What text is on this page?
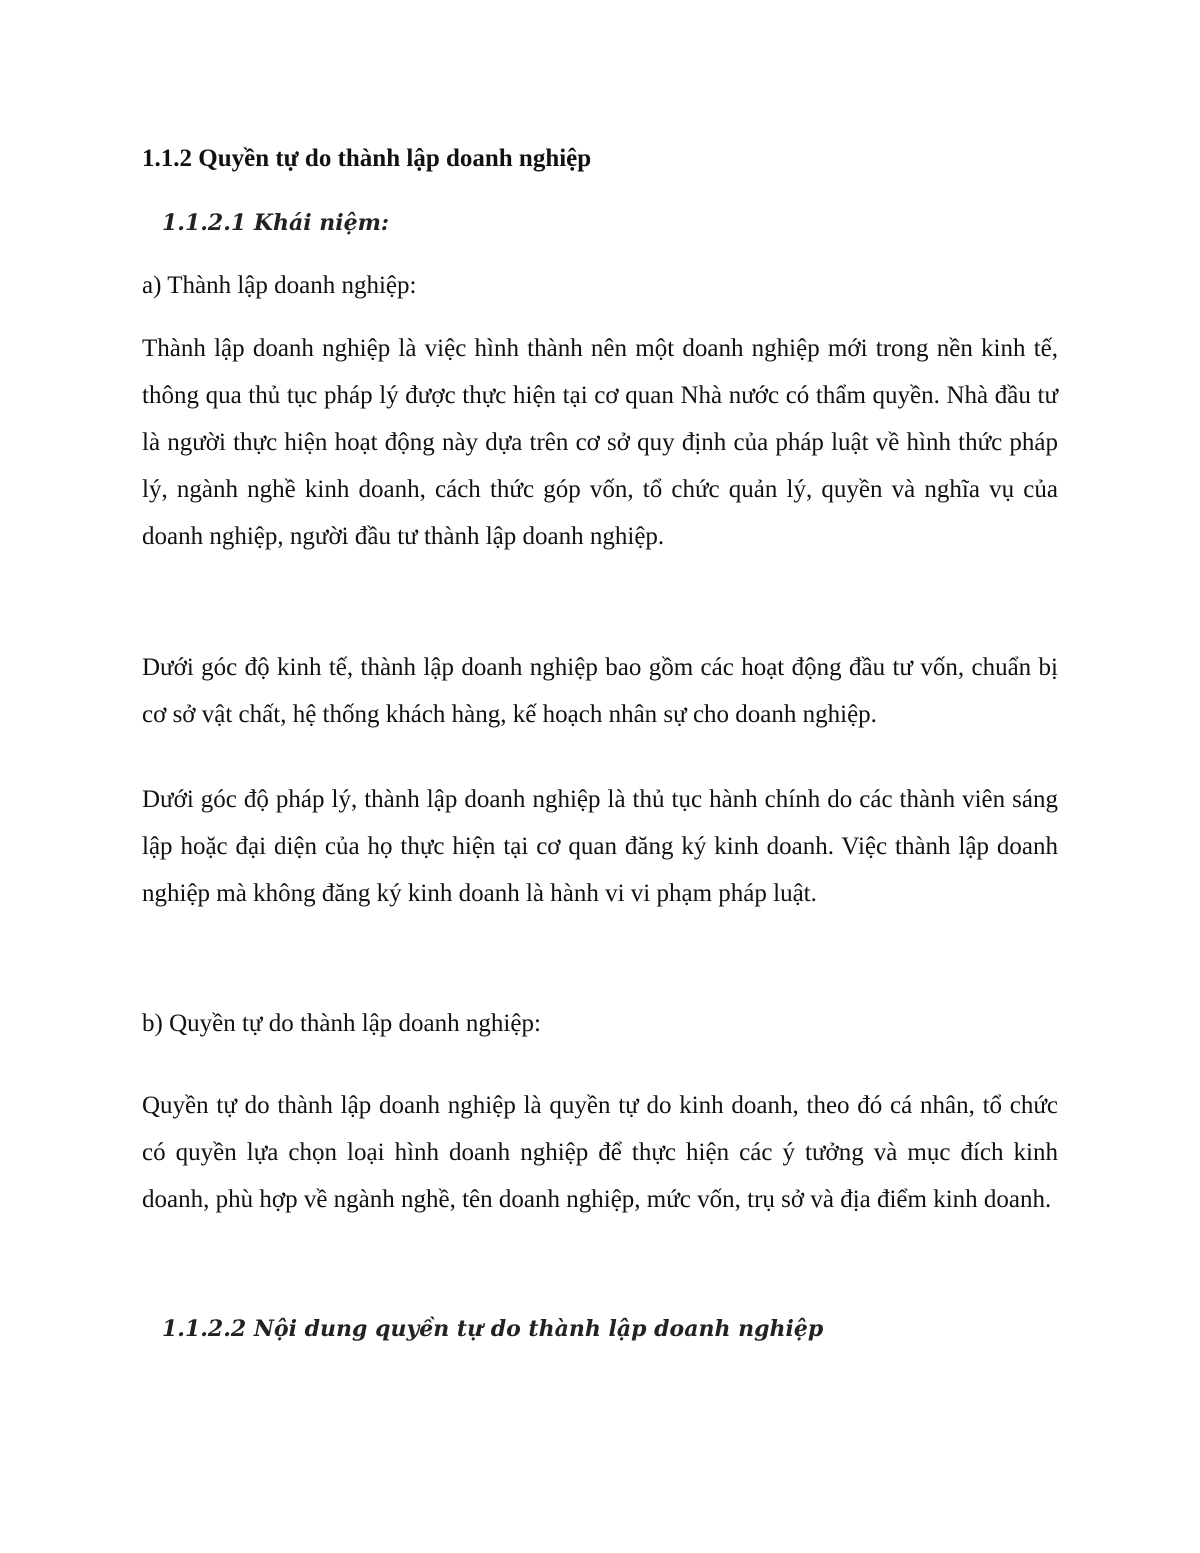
1.1.2 Quyền tự do thành lập doanh nghiệp
1.1.2.1 Khái niệm:

a) Thành lập doanh nghiệp:

Thành lập doanh nghiệp là việc hình thành nên một doanh nghiệp mới trong nền kinh tế, thông qua thủ tục pháp lý được thực hiện tại cơ quan Nhà nước có thẩm quyền. Nhà đầu tư là người thực hiện hoạt động này dựa trên cơ sở quy định của pháp luật về hình thức pháp lý, ngành nghề kinh doanh, cách thức góp vốn, tổ chức quản lý, quyền và nghĩa vụ của doanh nghiệp, người đầu tư thành lập doanh nghiệp.

Dưới góc độ kinh tế, thành lập doanh nghiệp bao gồm các hoạt động đầu tư vốn, chuẩn bị cơ sở vật chất, hệ thống khách hàng, kế hoạch nhân sự cho doanh nghiệp.

Dưới góc độ pháp lý, thành lập doanh nghiệp là thủ tục hành chính do các thành viên sáng lập hoặc đại diện của họ thực hiện tại cơ quan đăng ký kinh doanh. Việc thành lập doanh nghiệp mà không đăng ký kinh doanh là hành vi vi phạm pháp luật.

b) Quyền tự do thành lập doanh nghiệp:

Quyền tự do thành lập doanh nghiệp là quyền tự do kinh doanh, theo đó cá nhân, tổ chức có quyền lựa chọn loại hình doanh nghiệp để thực hiện các ý tưởng và mục đích kinh doanh, phù hợp về ngành nghề, tên doanh nghiệp, mức vốn, trụ sở và địa điểm kinh doanh.

1.1.2.2 Nội dung quyền tự do thành lập doanh nghiệp
